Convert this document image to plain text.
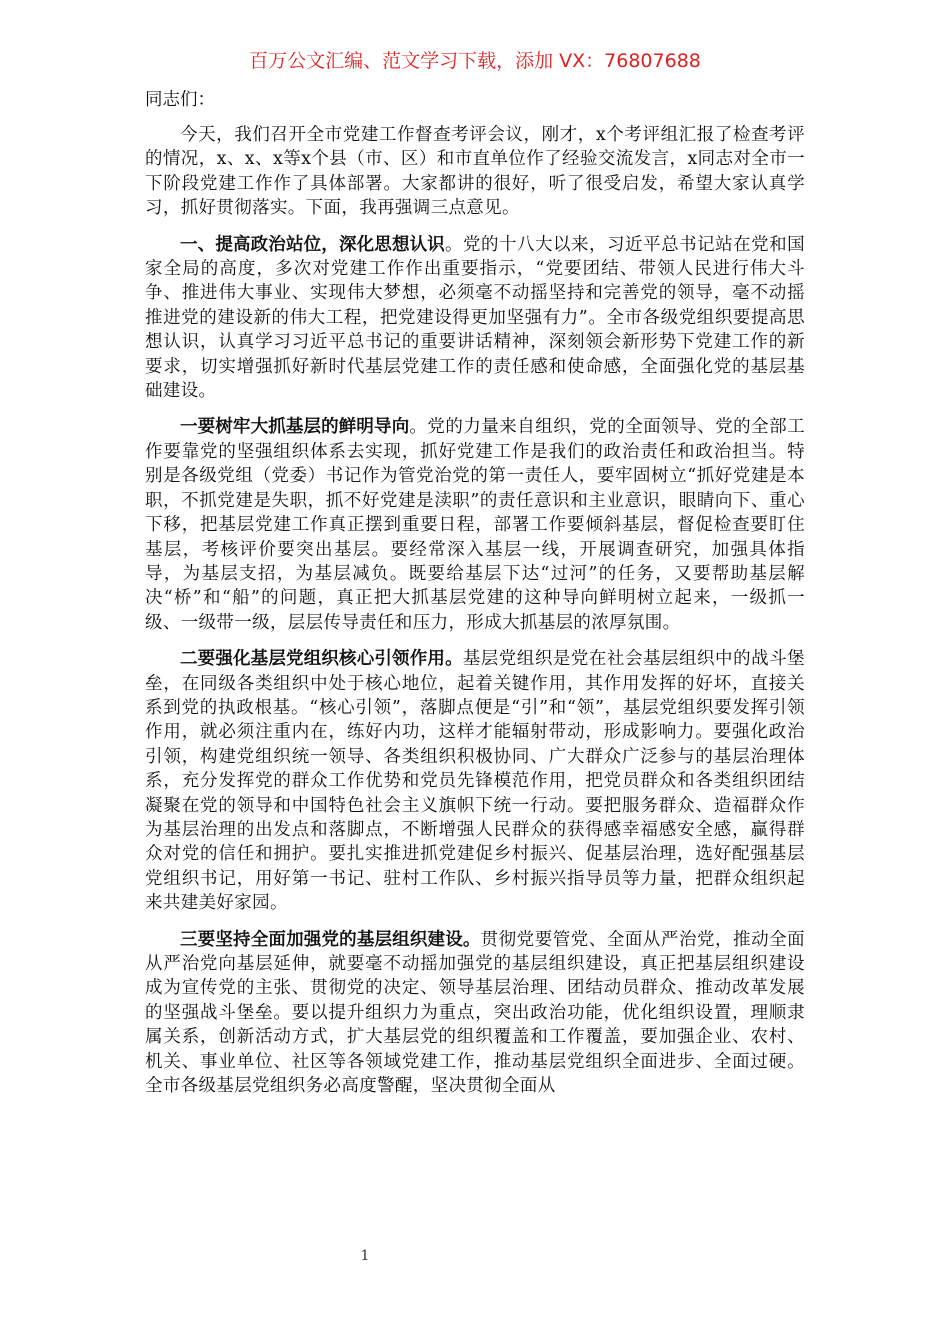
百万公文汇编、范文学习下载，添加 VX：76807688

同志们：

今天，我们召开全市党建工作督查考评会议，刚才，x个考评组汇报了检查考评的情况，x、x、x等x个县（市、区）和市直单位作了经验交流发言，x同志对全市一下阶段党建工作作了具体部署。大家都讲的很好，听了很受启发，希望大家认真学习，抓好贯彻落实。下面，我再强调三点意见。

一、提高政治站位，深化思想认识。党的十八大以来，习近平总书记站在党和国家全局的高度，多次对党建工作作出重要指示，“党要团结、带领人民进行伟大斗争、推进伟大事业、实现伟大梦想，必须毫不动摇坚持和完善党的领导，毫不动摇推进党的建设新的伟大工程，把党建设得更加坚强有力”。全市各级党组织要提高思想认识，认真学习习近平总书记的重要讲话精神，深刻领会新形势下党建工作的新要求，切实增强抓好新时代基层党建工作的责任感和使命感，全面强化党的基层基础建设。

一要树牢大抓基层的鲜明导向。党的力量来自组织，党的全面领导、党的全部工作要靠党的坚强组织体系去实现，抓好党建工作是我们的政治责任和政治担当。特别是各级党组（党委）书记作为管党治党的第一责任人，要牢固树立“抓好党建是本职，不抓党建是失职，抓不好党建是渎职”的责任意识和主业意识，眼睛向下、重心下移，把基层党建工作真正摆到重要日程，部署工作要倾斜基层，督促检查要盯住基层，考核评价要突出基层。要经常深入基层一线，开展调查研究，加强具体指导，为基层支招，为基层减负。既要给基层下达“过河”的任务，又要帮助基层解决“桥”和“船”的问题，真正把大抓基层党建的这种导向鲜明树立起来，一级抓一级、一级带一级，层层传导责任和压力，形成大抓基层的浓厚氛围。

二要强化基层党组织核心引领作用。基层党组织是党在社会基层组织中的战斗堡垒，在同级各类组织中处于核心地位，起着关键作用，其作用发挥的好坏，直接关系到党的执政根基。“核心引领”，落脚点便是“引”和“领”，基层党组织要发挥引领作用，就必须注重内在，练好内功，这样才能辐射带动，形成影响力。要强化政治引领，构建党组织统一领导、各类组织积极协同、广大群众广泛参与的基层治理体系，充分发挥党的群众工作优势和党员先锋模范作用，把党员群众和各类组织团结凝聚在党的领导和中国特色社会主义旗帜下统一行动。要把服务群众、造福群众作为基层治理的出发点和落脚点，不断增强人民群众的获得感幸福感安全感，赢得群众对党的信任和拥护。要扎实推进抓党建促乡村振兴、促基层治理，选好配强基层党组织书记，用好第一书记、驻村工作队、乡村振兴指导员等力量，把群众组织起来共建美好家园。

三要坚持全面加强党的基层组织建设。贯彻党要管党、全面从严治党，推动全面从严治党向基层延伸，就要毫不动摇加强党的基层组织建设，真正把基层组织建设成为宣传党的主张、贯彻党的决定、领导基层治理、团结动员群众、推动改革发展的坚强战斗堡垒。要以提升组织力为重点，突出政治功能，优化组织设置，理顺隶属关系，创新活动方式，扩大基层党的组织覆盖和工作覆盖，要加强企业、农村、机关、事业单位、社区等各领域党建工作，推动基层党组织全面进步、全面过硬。全市各级基层党组织务必高度警醒，坚决贯彻全面从

1
